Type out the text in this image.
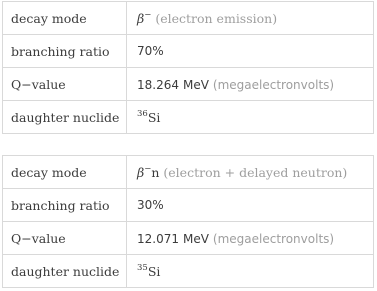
decay mode	β− (electron emission)
branching ratio	70%
Q−value	18.264 MeV (megaelectronvolts)
daughter nuclide	$^{36}$Si
decay mode	β−n (electron + delayed neutron)
branching ratio	30%
Q−value	12.071 MeV (megaelectronvolts)
daughter nuclide	$^{35}$Si
